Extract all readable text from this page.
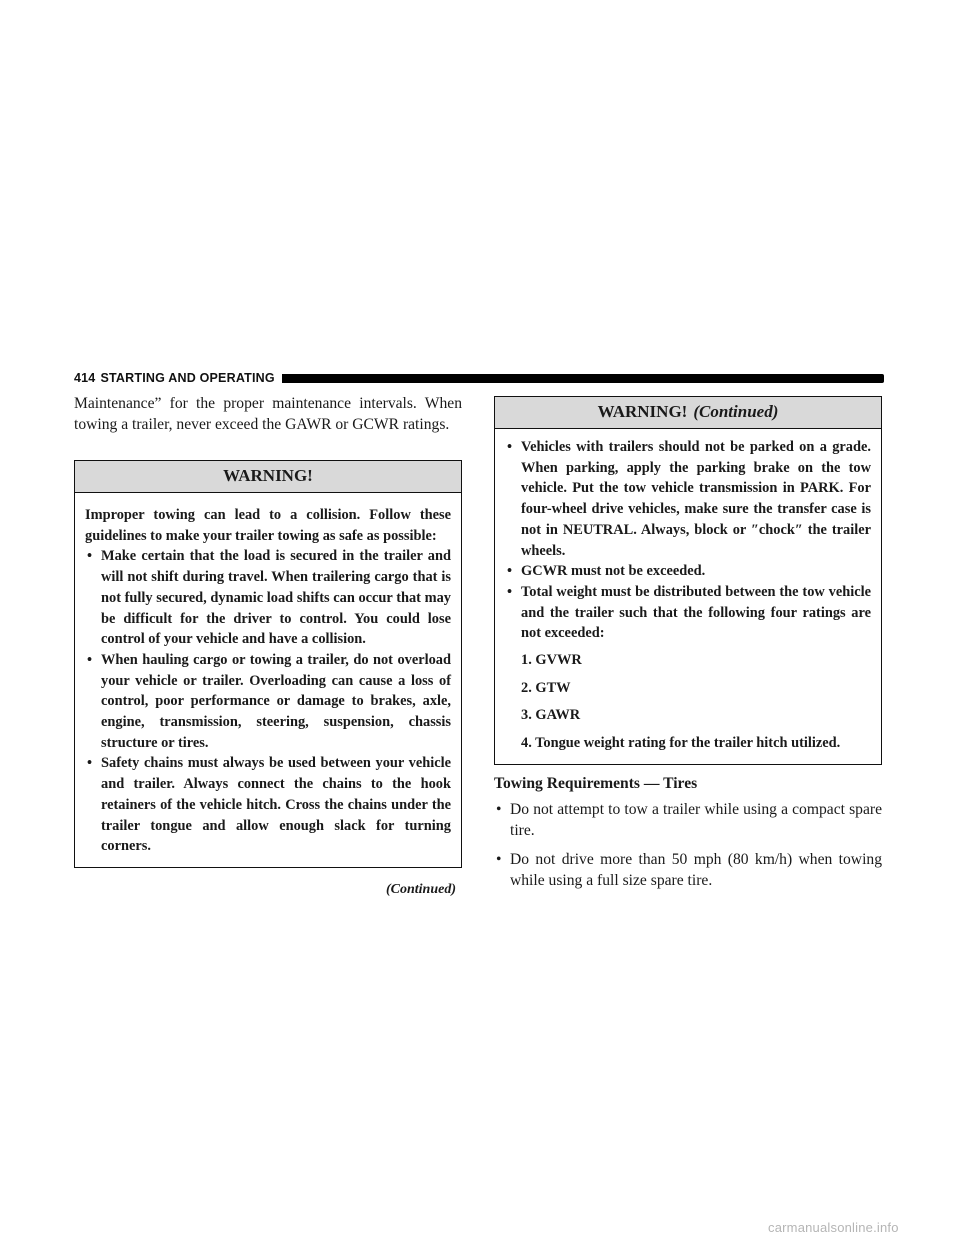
414 STARTING AND OPERATING

Maintenance” for the proper maintenance intervals. When towing a trailer, never exceed the GAWR or GCWR ratings.

WARNING!

Improper towing can lead to a collision. Follow these guidelines to make your trailer towing as safe as possible:

• Make certain that the load is secured in the trailer and will not shift during travel. When trailering cargo that is not fully secured, dynamic load shifts can occur that may be difficult for the driver to control. You could lose control of your vehicle and have a collision.
• When hauling cargo or towing a trailer, do not overload your vehicle or trailer. Overloading can cause a loss of control, poor performance or damage to brakes, axle, engine, transmission, steering, suspension, chassis structure or tires.
• Safety chains must always be used between your vehicle and trailer. Always connect the chains to the hook retainers of the vehicle hitch. Cross the chains under the trailer tongue and allow enough slack for turning corners.
(Continued)
WARNING! (Continued)
• Vehicles with trailers should not be parked on a grade. When parking, apply the parking brake on the tow vehicle. Put the tow vehicle transmission in PARK. For four-wheel drive vehicles, make sure the transfer case is not in NEUTRAL. Always, block or ″chock″ the trailer wheels.
• GCWR must not be exceeded.
• Total weight must be distributed between the tow vehicle and the trailer such that the following four ratings are not exceeded:
1. GVWR
2. GTW
3. GAWR
4. Tongue weight rating for the trailer hitch utilized.
Towing Requirements — Tires
• Do not attempt to tow a trailer while using a compact spare tire.
• Do not drive more than 50 mph (80 km/h) when towing while using a full size spare tire.
carmanualsonline.info
